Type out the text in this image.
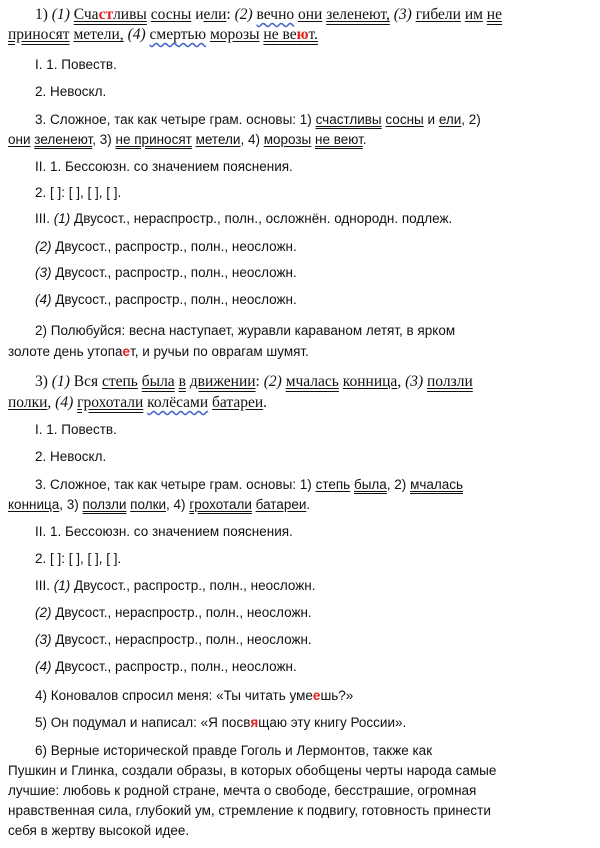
1) (1) Счастливы сосны иели: (2) вечно они зеленеют, (3) гибели им не
приносят метели, (4) смертью морозы не веют.
I. 1. Повеств.
2. Невоскл.
3. Сложное, так как четыре грам. основы: 1) счастливы сосны и ели, 2)
они зеленеют, 3) не приносят метели, 4) морозы не веют.
II. 1. Бессоюзн. со значением пояснения.
2. [ ]: [ ], [ ], [ ].
III. (1) Двусост., нераспростр., полн., осложнён. однородн. подлеж.
(2) Двусост., распростр., полн., неосложн.
(3) Двусост., распростр., полн., неосложн.
(4) Двусост., распростр., полн., неосложн.
2) Полюбуйся: весна наступает, журавли караваном летят, в ярком
золоте день утопает, и ручьи по оврагам шумят.
3) (1) Вся степь была в движении: (2) мчалась конница, (3) ползли
полки, (4) грохотали колёсами батареи.
I. 1. Повеств.
2. Невоскл.
3. Сложное, так как четыре грам. основы: 1) степь была, 2) мчалась
конница, 3) ползли полки, 4) грохотали батареи.
II. 1. Бессоюзн. со значением пояснения.
2. [ ]: [ ], [ ], [ ].
III. (1) Двусост., распростр., полн., неосложн.
(2) Двусост., нераспростр., полн., неосложн.
(3) Двусост., нераспростр., полн., неосложн.
(4) Двусост., распростр., полн., неосложн.
4) Коновалов спросил меня: «Ты читать умеешь?»
5) Он подумал и написал: «Я посвящаю эту книгу России».
6) Верные исторической правде Гоголь и Лермонтов, также как
Пушкин и Глинка, создали образы, в которых обобщены черты народа самые
лучшие: любовь к родной стране, мечта о свободе, бесстрашие, огромная
нравственная сила, глубокий ум, стремление к подвигу, готовность принести
себя в жертву высокой идее.
